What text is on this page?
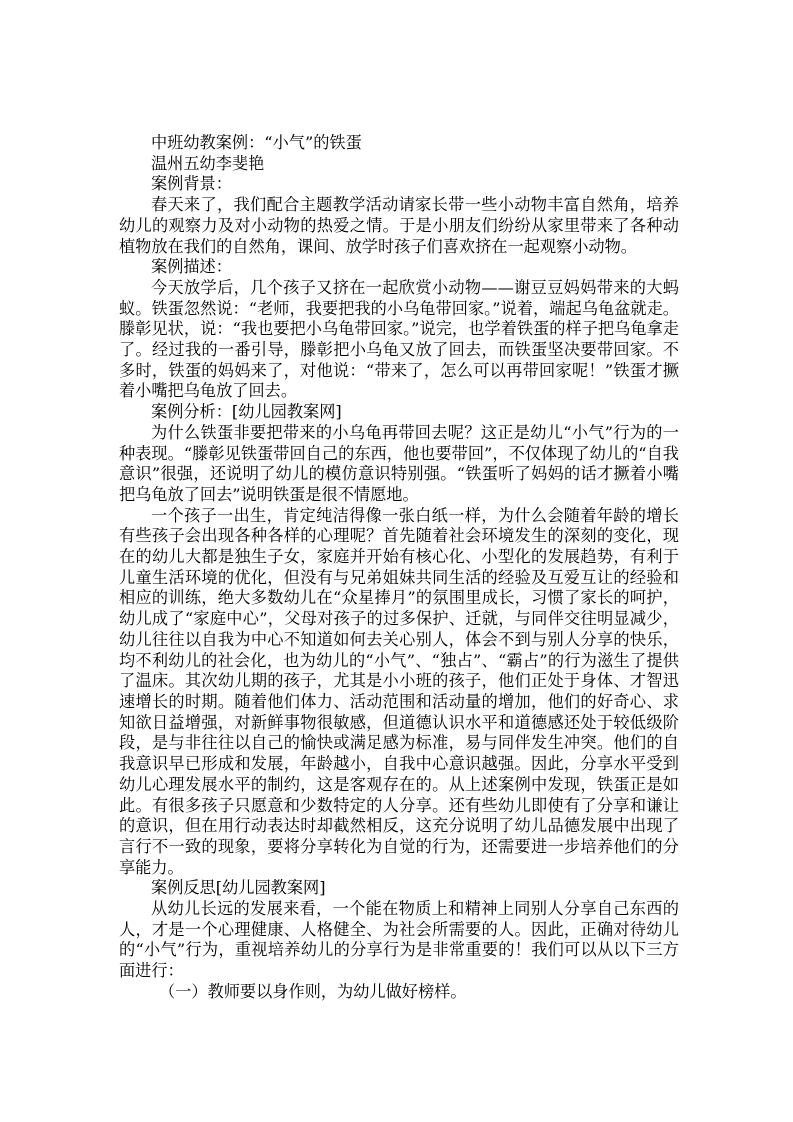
中班幼教案例：“小气”的铁蛋

温州五幼李斐艳

案例背景：

春天来了，我们配合主题教学活动请家长带一些小动物丰富自然角，培养幼儿的观察力及对小动物的热爱之情。于是小朋友们纷纷从家里带来了各种动植物放在我们的自然角，课间、放学时孩子们喜欢挤在一起观察小动物。

案例描述：

今天放学后，几个孩子又挤在一起欣赏小动物——谢豆豆妈妈带来的大蚂蚁。铁蛋忽然说：“老师，我要把我的小乌龟带回家。”说着，端起乌龟盆就走。滕彰见状，说：“我也要把小乌龟带回家。”说完，也学着铁蛋的样子把乌龟拿走了。经过我的一番引导，滕彰把小乌龟又放了回去，而铁蛋坚决要带回家。不多时，铁蛋的妈妈来了，对他说：“带来了，怎么可以再带回家呢！”铁蛋才撅着小嘴把乌龟放了回去。

案例分析：[幼儿园教案网]

为什么铁蛋非要把带来的小乌龟再带回去呢？这正是幼儿“小气”行为的一种表现。“滕彰见铁蛋带回自己的东西，他也要带回”，不仅体现了幼儿的“自我意识”很强，还说明了幼儿的模仿意识特别强。“铁蛋听了妈妈的话才撅着小嘴把乌龟放了回去”说明铁蛋是很不情愿地。

一个孩子一出生，肯定纯洁得像一张白纸一样，为什么会随着年龄的增长有些孩子会出现各种各样的心理呢？首先随着社会环境发生的深刻的变化，现在的幼儿大都是独生子女，家庭并开始有核心化、小型化的发展趋势，有利于儿童生活环境的优化，但没有与兄弟姐妹共同生活的经验及互爱互让的经验和相应的训练，绝大多数幼儿在“众星捧月”的氛围里成长，习惯了家长的呵护，幼儿成了“家庭中心”，父母对孩子的过多保护、迁就，与同伴交往明显减少，幼儿往往以自我为中心不知道如何去关心别人，体会不到与别人分享的快乐，均不利幼儿的社会化，也为幼儿的“小气”、“独占”、“霸占”的行为滋生了提供了温床。其次幼儿期的孩子，尤其是小小班的孩子，他们正处于身体、才智迅速增长的时期。随着他们体力、活动范围和活动量的增加，他们的好奇心、求知欲日益增强，对新鲜事物很敏感，但道德认识水平和道德感还处于较低级阶段，是与非往往以自己的愉快或满足感为标准，易与同伴发生冲突。他们的自我意识早已形成和发展，年龄越小，自我中心意识越强。因此，分享水平受到幼儿心理发展水平的制约，这是客观存在的。从上述案例中发现，铁蛋正是如此。有很多孩子只愿意和少数特定的人分享。还有些幼儿即使有了分享和谦让的意识，但在用行动表达时却截然相反，这充分说明了幼儿品德发展中出现了言行不一致的现象，要将分享转化为自觉的行为，还需要进一步培养他们的分享能力。

案例反思[幼儿园教案网]

从幼儿长远的发展来看，一个能在物质上和精神上同别人分享自己东西的人，才是一个心理健康、人格健全、为社会所需要的人。因此，正确对待幼儿的“小气”行为，重视培养幼儿的分享行为是非常重要的！我们可以从以下三方面进行：

（一）教师要以身作则，为幼儿做好榜样。
